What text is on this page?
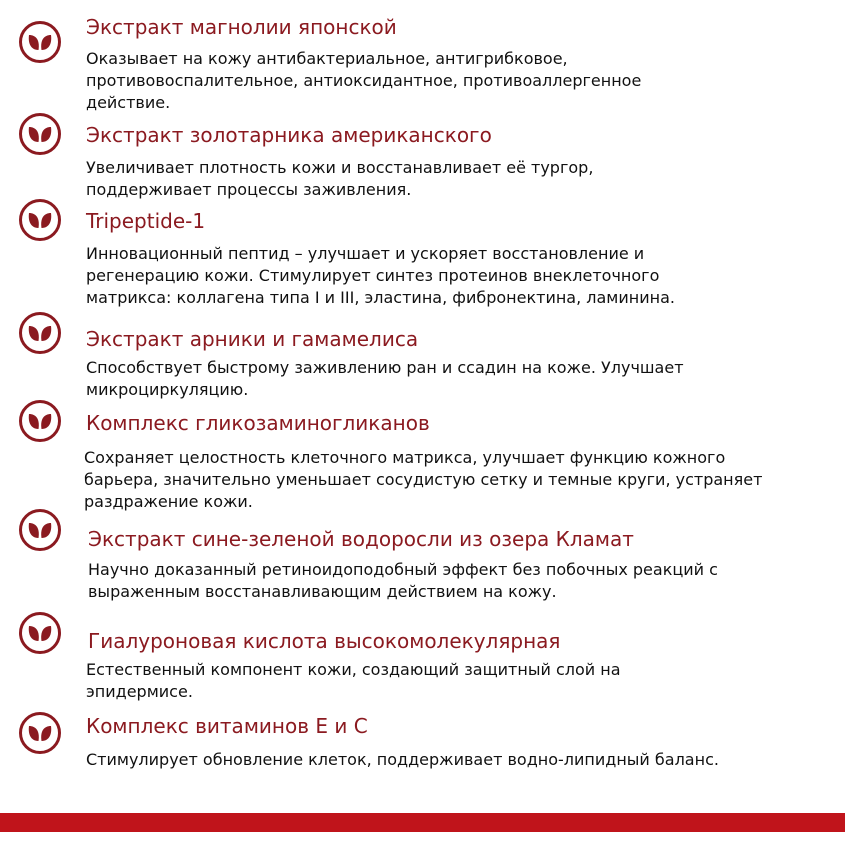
Экстракт магнолии японской
Оказывает на кожу антибактериальное, антигрибковое, противовоспалительное, антиоксидантное, противоаллергенное действие.
Экстракт золотарника американского
Увеличивает плотность кожи и восстанавливает её тургор, поддерживает процессы заживления.
Tripeptide-1
Инновационный пептид – улучшает и ускоряет восстановление и регенерацию кожи. Стимулирует синтез протеинов внеклеточного матрикса: коллагена типа I и III, эластина, фибронектина, ламинина.
Экстракт арники и гамамелиса
Способствует быстрому заживлению ран и ссадин на коже. Улучшает микроциркуляцию.
Комплекс гликозаминогликанов
Сохраняет целостность клеточного матрикса, улучшает функцию кожного барьера, значительно уменьшает сосудистую сетку и темные круги, устраняет раздражение кожи.
Экстракт сине-зеленой водоросли из озера Кламат
Научно доказанный ретиноидоподобный эффект без побочных реакций с выраженным восстанавливающим действием на кожу.
Гиалуроновая кислота высокомолекулярная
Естественный компонент кожи, создающий защитный слой на эпидермисе.
Комплекс витаминов Е и С
Стимулирует обновление клеток, поддерживает водно-липидный баланс.
